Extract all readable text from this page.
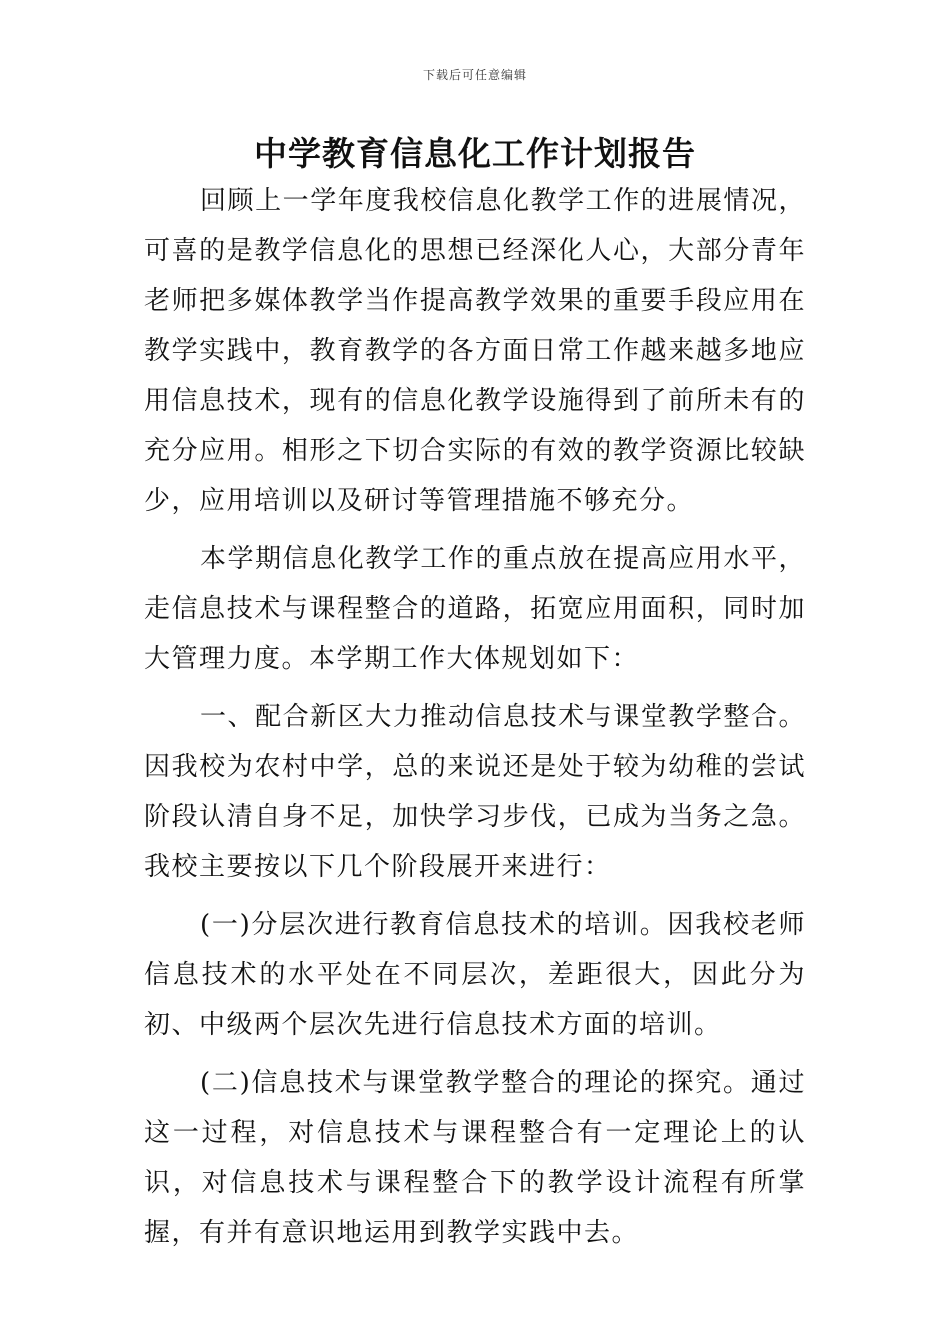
下载后可任意编辑
中学教育信息化工作计划报告

回顾上一学年度我校信息化教学工作的进展情况，可喜的是教学信息化的思想已经深化人心，大部分青年老师把多媒体教学当作提高教学效果的重要手段应用在教学实践中，教育教学的各方面日常工作越来越多地应用信息技术，现有的信息化教学设施得到了前所未有的充分应用。相形之下切合实际的有效的教学资源比较缺少，应用培训以及研讨等管理措施不够充分。

本学期信息化教学工作的重点放在提高应用水平，走信息技术与课程整合的道路，拓宽应用面积，同时加大管理力度。本学期工作大体规划如下：

一、配合新区大力推动信息技术与课堂教学整合。因我校为农村中学，总的来说还是处于较为幼稚的尝试阶段认清自身不足，加快学习步伐，已成为当务之急。我校主要按以下几个阶段展开来进行：

(一)分层次进行教育信息技术的培训。因我校老师信息技术的水平处在不同层次，差距很大，因此分为初、中级两个层次先进行信息技术方面的培训。

(二)信息技术与课堂教学整合的理论的探究。通过这一过程，对信息技术与课程整合有一定理论上的认识，对信息技术与课程整合下的教学设计流程有所掌握，有并有意识地运用到教学实践中去。
